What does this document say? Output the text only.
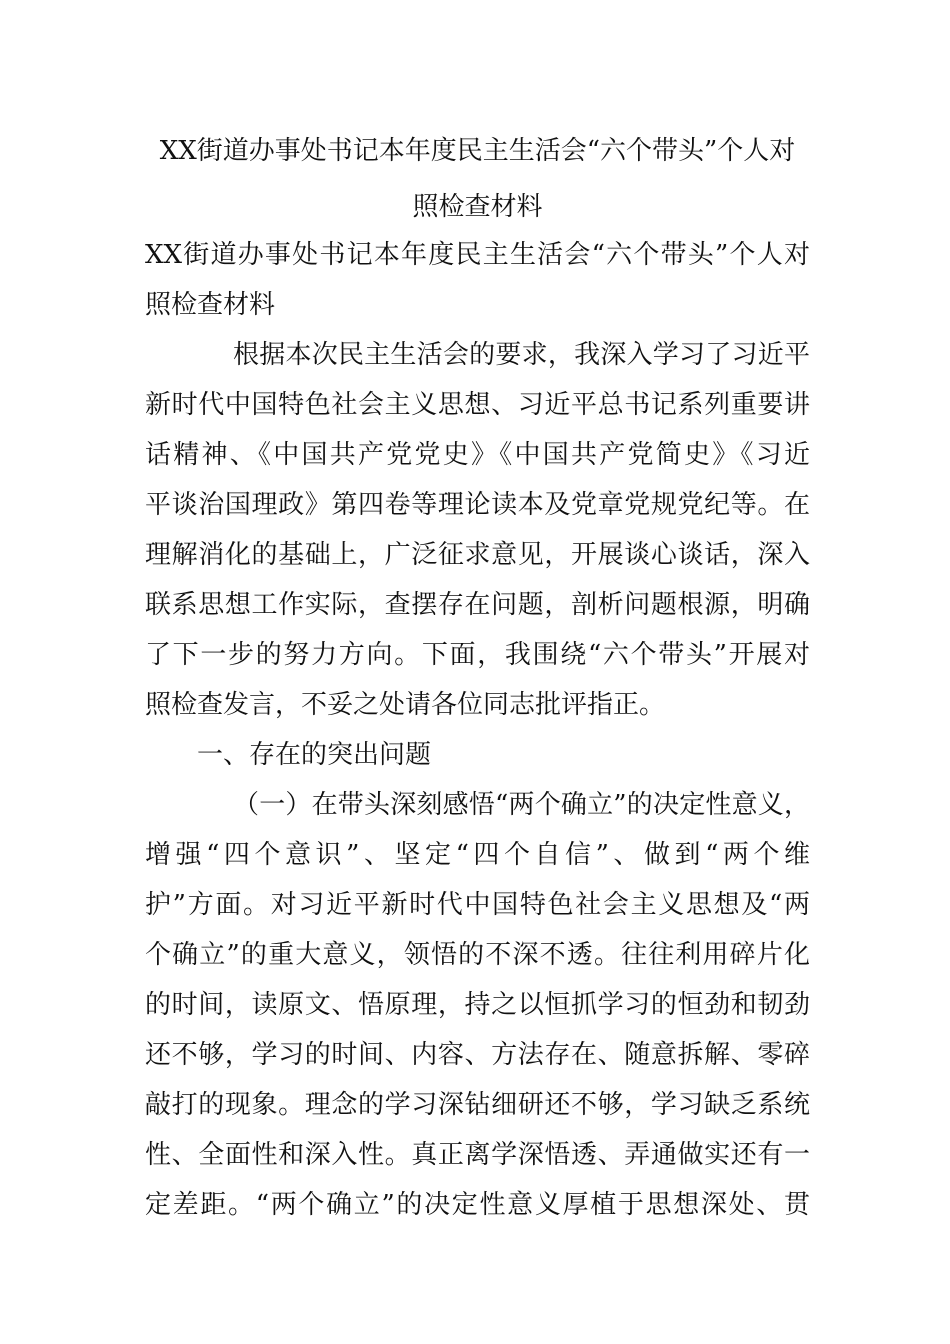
XX街道办事处书记本年度民主生活会“六个带头”个人对
照检查材料
XX街道办事处书记本年度民主生活会“六个带头”个人对
照检查材料
根据本次民主生活会的要求，我深入学习了习近平
新时代中国特色社会主义思想、习近平总书记系列重要讲
话精神、《中国共产党党史》《中国共产党简史》《习近
平谈治国理政》第四卷等理论读本及党章党规党纪等。在
理解消化的基础上，广泛征求意见，开展谈心谈话，深入
联系思想工作实际，查摆存在问题，剖析问题根源，明确
了下一步的努力方向。下面，我围绕“六个带头”开展对
照检查发言，不妥之处请各位同志批评指正。
一、存在的突出问题
（一）在带头深刻感悟“两个确立”的决定性意义，
增强“四个意识”、坚定“四个自信”、做到“两个维
护”方面。对习近平新时代中国特色社会主义思想及“两
个确立”的重大意义，领悟的不深不透。往往利用碎片化
的时间，读原文、悟原理，持之以恒抓学习的恒劲和韧劲
还不够，学习的时间、内容、方法存在、随意拆解、零碎
敲打的现象。理念的学习深钻细研还不够，学习缺乏系统
性、全面性和深入性。真正离学深悟透、弄通做实还有一
定差距。“两个确立”的决定性意义厚植于思想深处、贯
